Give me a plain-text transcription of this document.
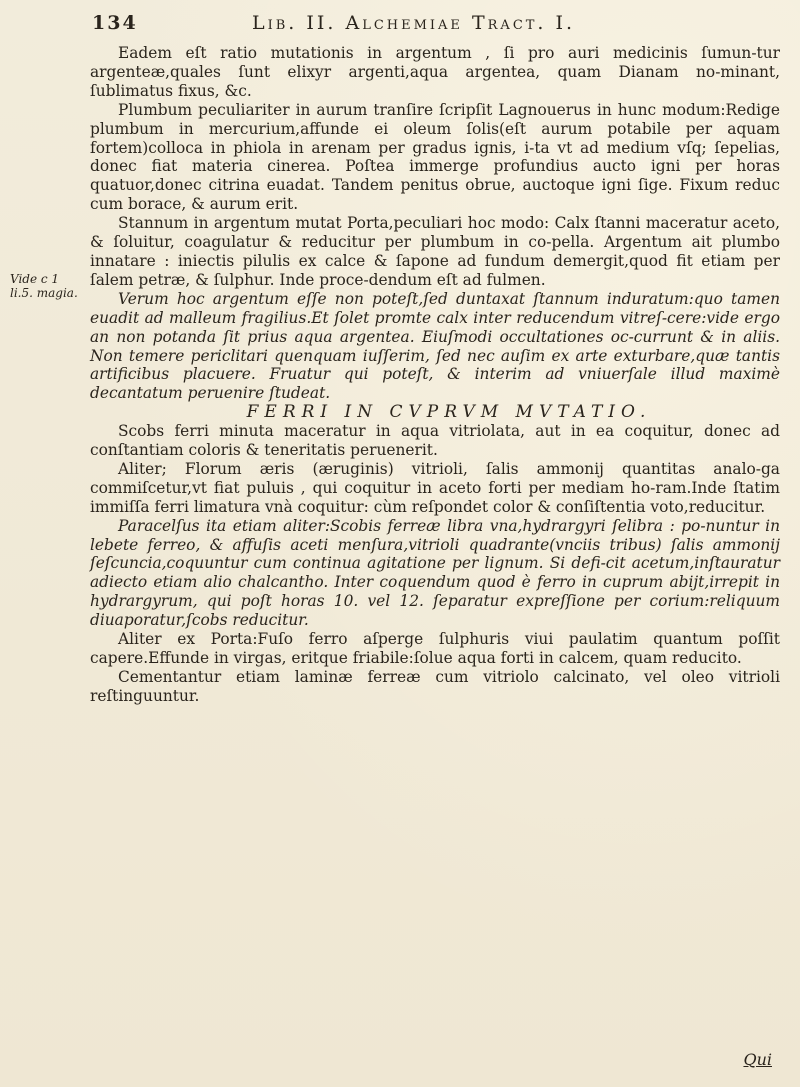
134	Lib. II. Alchemiae Tract. I.
Vide c 1 li.5. magia.

Eadem eſt ratio mutationis in argentum , ſi pro auri medicinis ſumun-tur argenteæ,quales ſunt elixyr argenti,aqua argentea, quam Dianam no-minant, ſublimatus fixus, &c.

Plumbum peculiariter in aurum tranſire ſcripſit Lagnouerus in hunc modum:Redige plumbum in mercurium,affunde ei oleum ſolis(eſt aurum potabile per aquam fortem)colloca in phiola in arenam per gradus ignis, i-ta vt ad medium vſq; ſepelias, donec fiat materia cinerea. Poſtea immerge profundius aucto igni per horas quatuor,donec citrina euadat. Tandem penitus obrue, auctoque igni ſige. Fixum reduc cum borace, & aurum erit.

Stannum in argentum mutat Porta,peculiari hoc modo: Calx ſtanni maceratur aceto, & ſoluitur, coagulatur & reducitur per plumbum in co-pella. Argentum ait plumbo innatare : iniectis pilulis ex calce & ſapone ad fundum demergit,quod fit etiam per ſalem petræ, & ſulphur. Inde proce-dendum eſt ad fulmen.

Verum hoc argentum eſſe non poteſt,ſed duntaxat ſtannum induratum:quo tamen euadit ad malleum fragilius.Et ſolet promte calx inter reducendum vitreſ-cere:vide ergo an non potanda ſit prius aqua argentea. Eiuſmodi occultationes oc-currunt & in aliis. Non temere periclitari quenquam iuſſerim, ſed nec auſim ex arte exturbare,quæ tantis artificibus placuere. Fruatur qui poteſt, & interim ad vniuerſale illud maximè decantatum peruenire ſtudeat.

FERRI IN CVPRVM MVTATIO.

Scobs ferri minuta maceratur in aqua vitriolata, aut in ea coquitur, donec ad conſtantiam coloris & teneritatis peruenerit.

Aliter; Florum æris (æruginis) vitrioli, ſalis ammonij quantitas analo-ga commiſcetur,vt fiat puluis , qui coquitur in aceto forti per mediam ho-ram.Inde ſtatim immiſſa ferri limatura vnà coquitur: cùm reſpondet color & conſiſtentia voto,reducitur.

Paracelſus ita etiam aliter:Scobis ferreæ libra vna,hydrargyri ſelibra : po-nuntur in lebete ferreo, & affuſis aceti menſura,vitrioli quadrante(vnciis tribus) ſalis ammonij ſeſcuncia,coquuntur cum continua agitatione per lignum. Si defi-cit acetum,inſtauratur adiecto etiam alio chalcantho. Inter coquendum quod è ferro in cuprum abijt,irrepit in hydrargyrum, qui poſt horas 10. vel 12. ſeparatur expreſſione per corium:reliquum diuaporatur,ſcobs reducitur.

Aliter ex Porta:Fuſo ferro aſperge ſulphuris viui paulatim quantum poſſit capere.Effunde in virgas, eritque friabile:ſolue aqua forti in calcem, quam reducito.

Cementantur etiam laminæ ferreæ cum vitriolo calcinato, vel oleo vitrioli reſtinguuntur.

Qui
